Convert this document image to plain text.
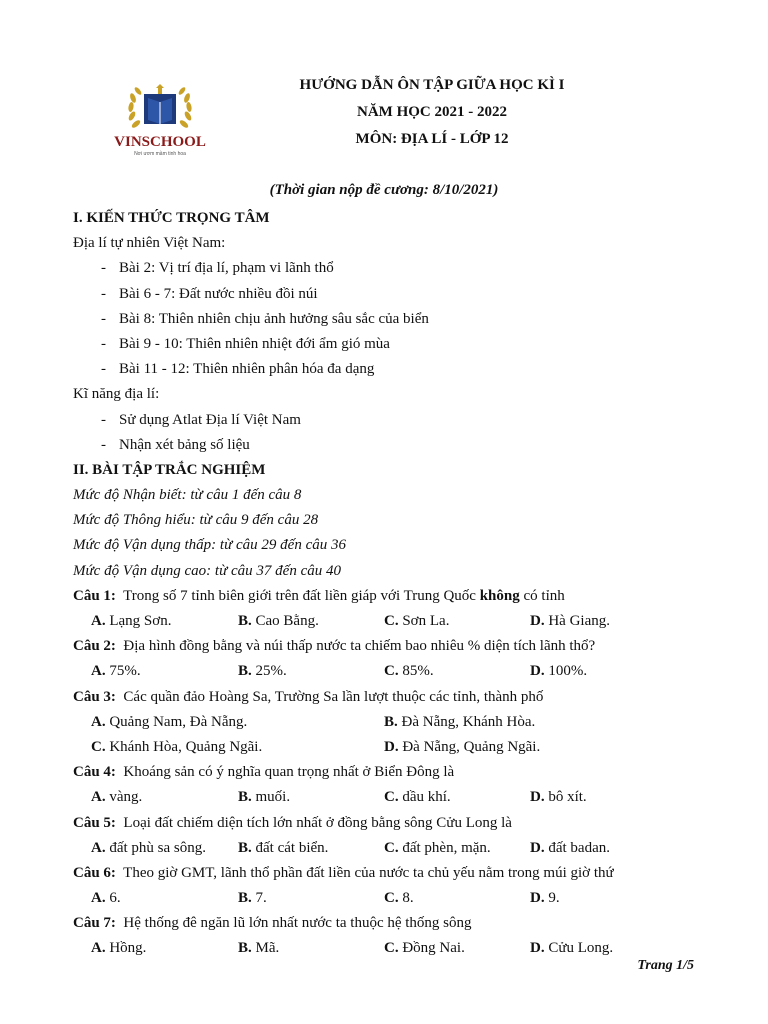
VINSCHOOL
Nơi ươm mầm tinh hoa
HƯỚNG DẪN ÔN TẬP GIỮA HỌC KÌ I
NĂM HỌC 2021 - 2022
MÔN: ĐỊA LÍ - LỚP 12
(Thời gian nộp đề cương: 8/10/2021)
I. KIẾN THỨC TRỌNG TÂM
Địa lí tự nhiên Việt Nam:
- Bài 2: Vị trí địa lí, phạm vi lãnh thổ
- Bài 6 - 7: Đất nước nhiều đồi núi
- Bài 8: Thiên nhiên chịu ảnh hưởng sâu sắc của biển
- Bài 9 - 10: Thiên nhiên nhiệt đới ẩm gió mùa
- Bài 11 - 12: Thiên nhiên phân hóa đa dạng
Kĩ năng địa lí:
- Sử dụng Atlat Địa lí Việt Nam
- Nhận xét bảng số liệu
II. BÀI TẬP TRẮC NGHIỆM
Mức độ Nhận biết: từ câu 1 đến câu 8
Mức độ Thông hiểu: từ câu 9 đến câu 28
Mức độ Vận dụng thấp: từ câu 29 đến câu 36
Mức độ Vận dụng cao: từ câu 37 đến câu 40
Câu 1: Trong số 7 tỉnh biên giới trên đất liền giáp với Trung Quốc không có tỉnh
A. Lạng Sơn.	B. Cao Bằng.	C. Sơn La.	D. Hà Giang.
Câu 2: Địa hình đồng bằng và núi thấp nước ta chiếm bao nhiêu % diện tích lãnh thổ?
A. 75%.	B. 25%.	C. 85%.	D. 100%.
Câu 3: Các quần đảo Hoàng Sa, Trường Sa lần lượt thuộc các tỉnh, thành phố
A. Quảng Nam, Đà Nẵng.	B. Đà Nẵng, Khánh Hòa.
C. Khánh Hòa, Quảng Ngãi.	D. Đà Nẵng, Quảng Ngãi.
Câu 4: Khoáng sản có ý nghĩa quan trọng nhất ở Biển Đông là
A. vàng.	B. muối.	C. dầu khí.	D. bô xít.
Câu 5: Loại đất chiếm diện tích lớn nhất ở đồng bằng sông Cửu Long là
A. đất phù sa sông. B. đất cát biển.	C. đất phèn, mặn.	D. đất badan.
Câu 6: Theo giờ GMT, lãnh thổ phần đất liền của nước ta chủ yếu nằm trong múi giờ thứ
A. 6.	B. 7.	C. 8.	D. 9.
Câu 7: Hệ thống đê ngăn lũ lớn nhất nước ta thuộc hệ thống sông
A. Hồng.	B. Mã.	C. Đồng Nai.	D. Cửu Long.
Trang 1/5
